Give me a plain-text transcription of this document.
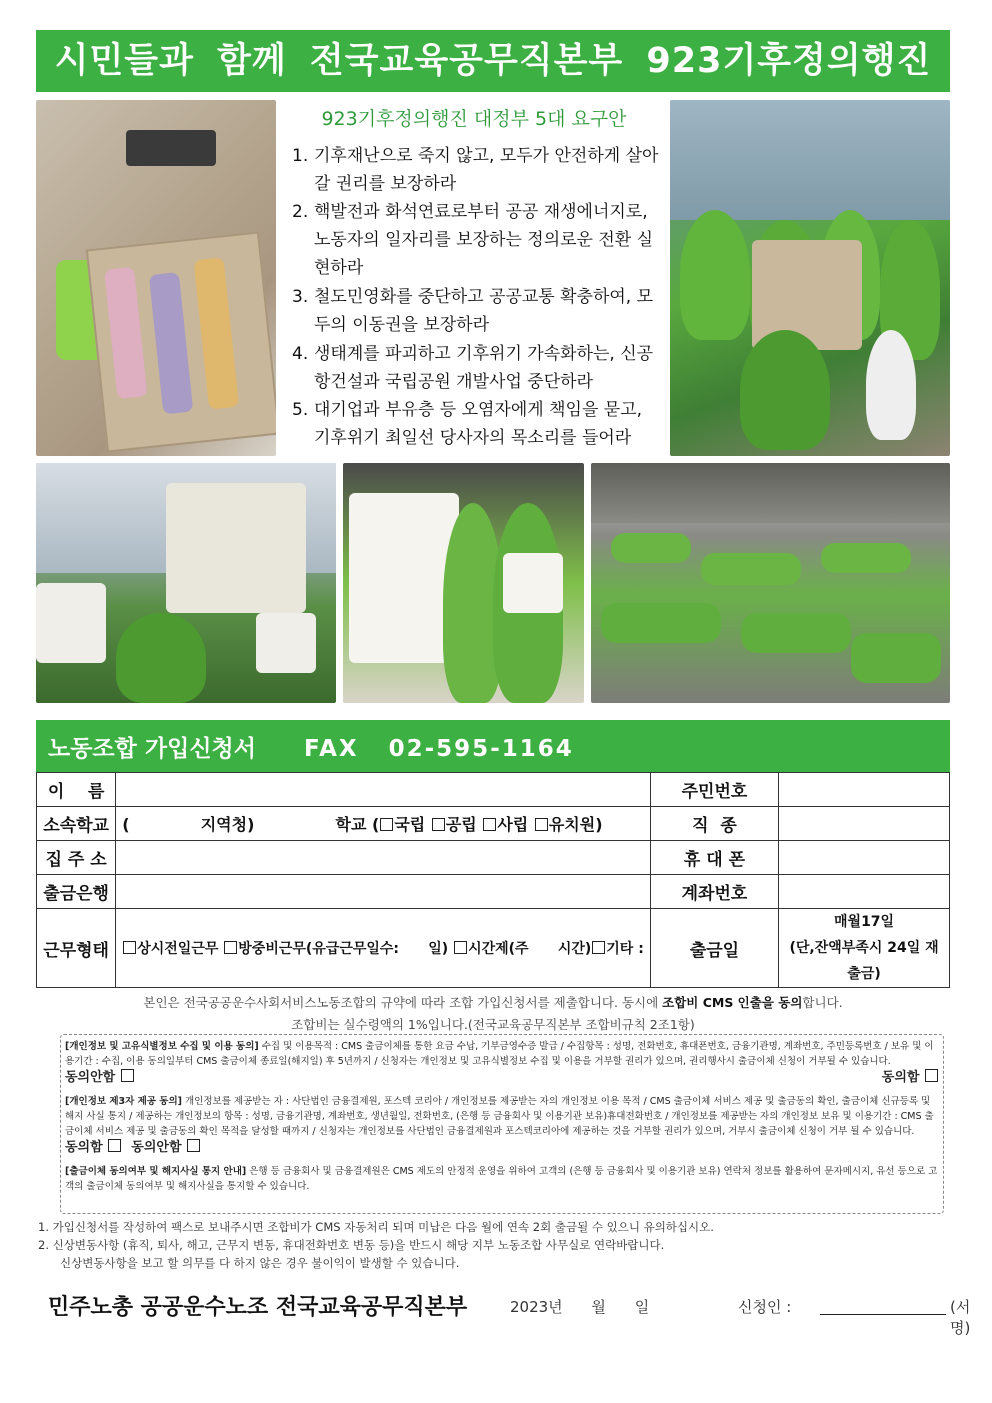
시민들과 함께 전국교육공무직본부 923기후정의행진
923기후정의행진 대정부 5대 요구안
1. 기후재난으로 죽지 않고, 모두가 안전하게 살아갈 권리를 보장하라
2. 핵발전과 화석연료로부터 공공 재생에너지로, 노동자의 일자리를 보장하는 정의로운 전환 실현하라
3. 철도민영화를 중단하고 공공교통 확충하여, 모두의 이동권을 보장하라
4. 생태계를 파괴하고 기후위기 가속화하는, 신공항건설과 국립공원 개발사업 중단하라
5. 대기업과 부유층 등 오염자에게 책임을 묻고, 기후위기 최일선 당사자의 목소리를 들어라
노동조합 가입신청서 FAX   02-595-1164
이    름		주민번호	
소속학교	( 지역청) 학교 ( 국립 공립 사립 유치원)	직  종	
집 주 소		휴 대 폰	
출금은행		계좌번호	
근무형태	상시전일근무 방중비근무(유급근무일수:      일) 시간제(주      시간) 기타 :	출금일	매월17일
(단,잔액부족시 24일 재출금)
본인은 전국공공운수사회서비스노동조합의 규약에 따라 조합 가입신청서를 제출합니다. 동시에 조합비 CMS 인출을 동의합니다.
조합비는 실수령액의 1%입니다.(전국교육공무직본부 조합비규칙 2조1항)

[개인정보 및 고유식별정보 수집 및 이용 동의] 수집 및 이용목적 : CMS 출금이체를 통한 요금 수납, 기부금영수증 발급 / 수집항목 : 성명, 전화번호, 휴대폰번호, 금융기관명, 계좌번호, 주민등록번호 / 보유 및 이용기간 : 수집, 이용 동의일부터 CMS 출금이체 종료일(해지일) 후 5년까지 / 신청자는 개인정보 및 고유식별정보 수집 및 이용을 거부할 권리가 있으며, 권리행사시 출금이체 신청이 거부될 수 있습니다.
동의함

동의안함

[개인정보 제3자 제공 동의] 개인정보를 제공받는 자 : 사단법인 금융결제원, 포스텍 코리아 / 개인정보를 제공받는 자의 개인정보 이용 목적 / CMS 출금이체 서비스 제공 및 출금동의 확인, 출금이체 신규등록 및 해지 사실 통지 / 제공하는 개인정보의 항목 : 성명, 금융기관명, 계좌번호, 생년월일, 전화번호, (은행 등 금융회사 및 이용기관 보유)휴대전화번호 / 개인정보를 제공받는 자의 개인정보 보유 및 이용기간 : CMS 출금이체 서비스 제공 및 출금동의 확인 목적을 달성할 때까지 / 신청자는 개인정보를 사단법인 금융결제원과 포스텍코리아에 제공하는 것을 거부할 권리가 있으며, 거부시 출금이체 신청이 거부 될 수 있습니다.
동의함 동의안함

[출금이체 동의여부 및 해지사실 통지 안내] 은행 등 금융회사 및 금융결제원은 CMS 제도의 안정적 운영을 위하여 고객의 (은행 등 금융회사 및 이용기관 보유) 연락처 정보를 활용하여 문자메시지, 유선 등으로 고객의 출금이체 동의여부 및 해지사실을 통지할 수 있습니다.

1. 가입신청서를 작성하여 팩스로 보내주시면 조합비가 CMS 자동처리 되며 미납은 다음 월에 연속 2회 출금될 수 있으니 유의하십시오.
2. 신상변동사항 (휴직, 퇴사, 해고, 근무지 변동, 휴대전화번호 변동 등)을 반드시 해당 지부 노동조합 사무실로 연락바랍니다.
신상변동사항을 보고 할 의무를 다 하지 않은 경우 불이익이 발생할 수 있습니다.
민주노총 공공운수노조 전국교육공무직본부	2023년 월 일	신청인 :	(서명)
